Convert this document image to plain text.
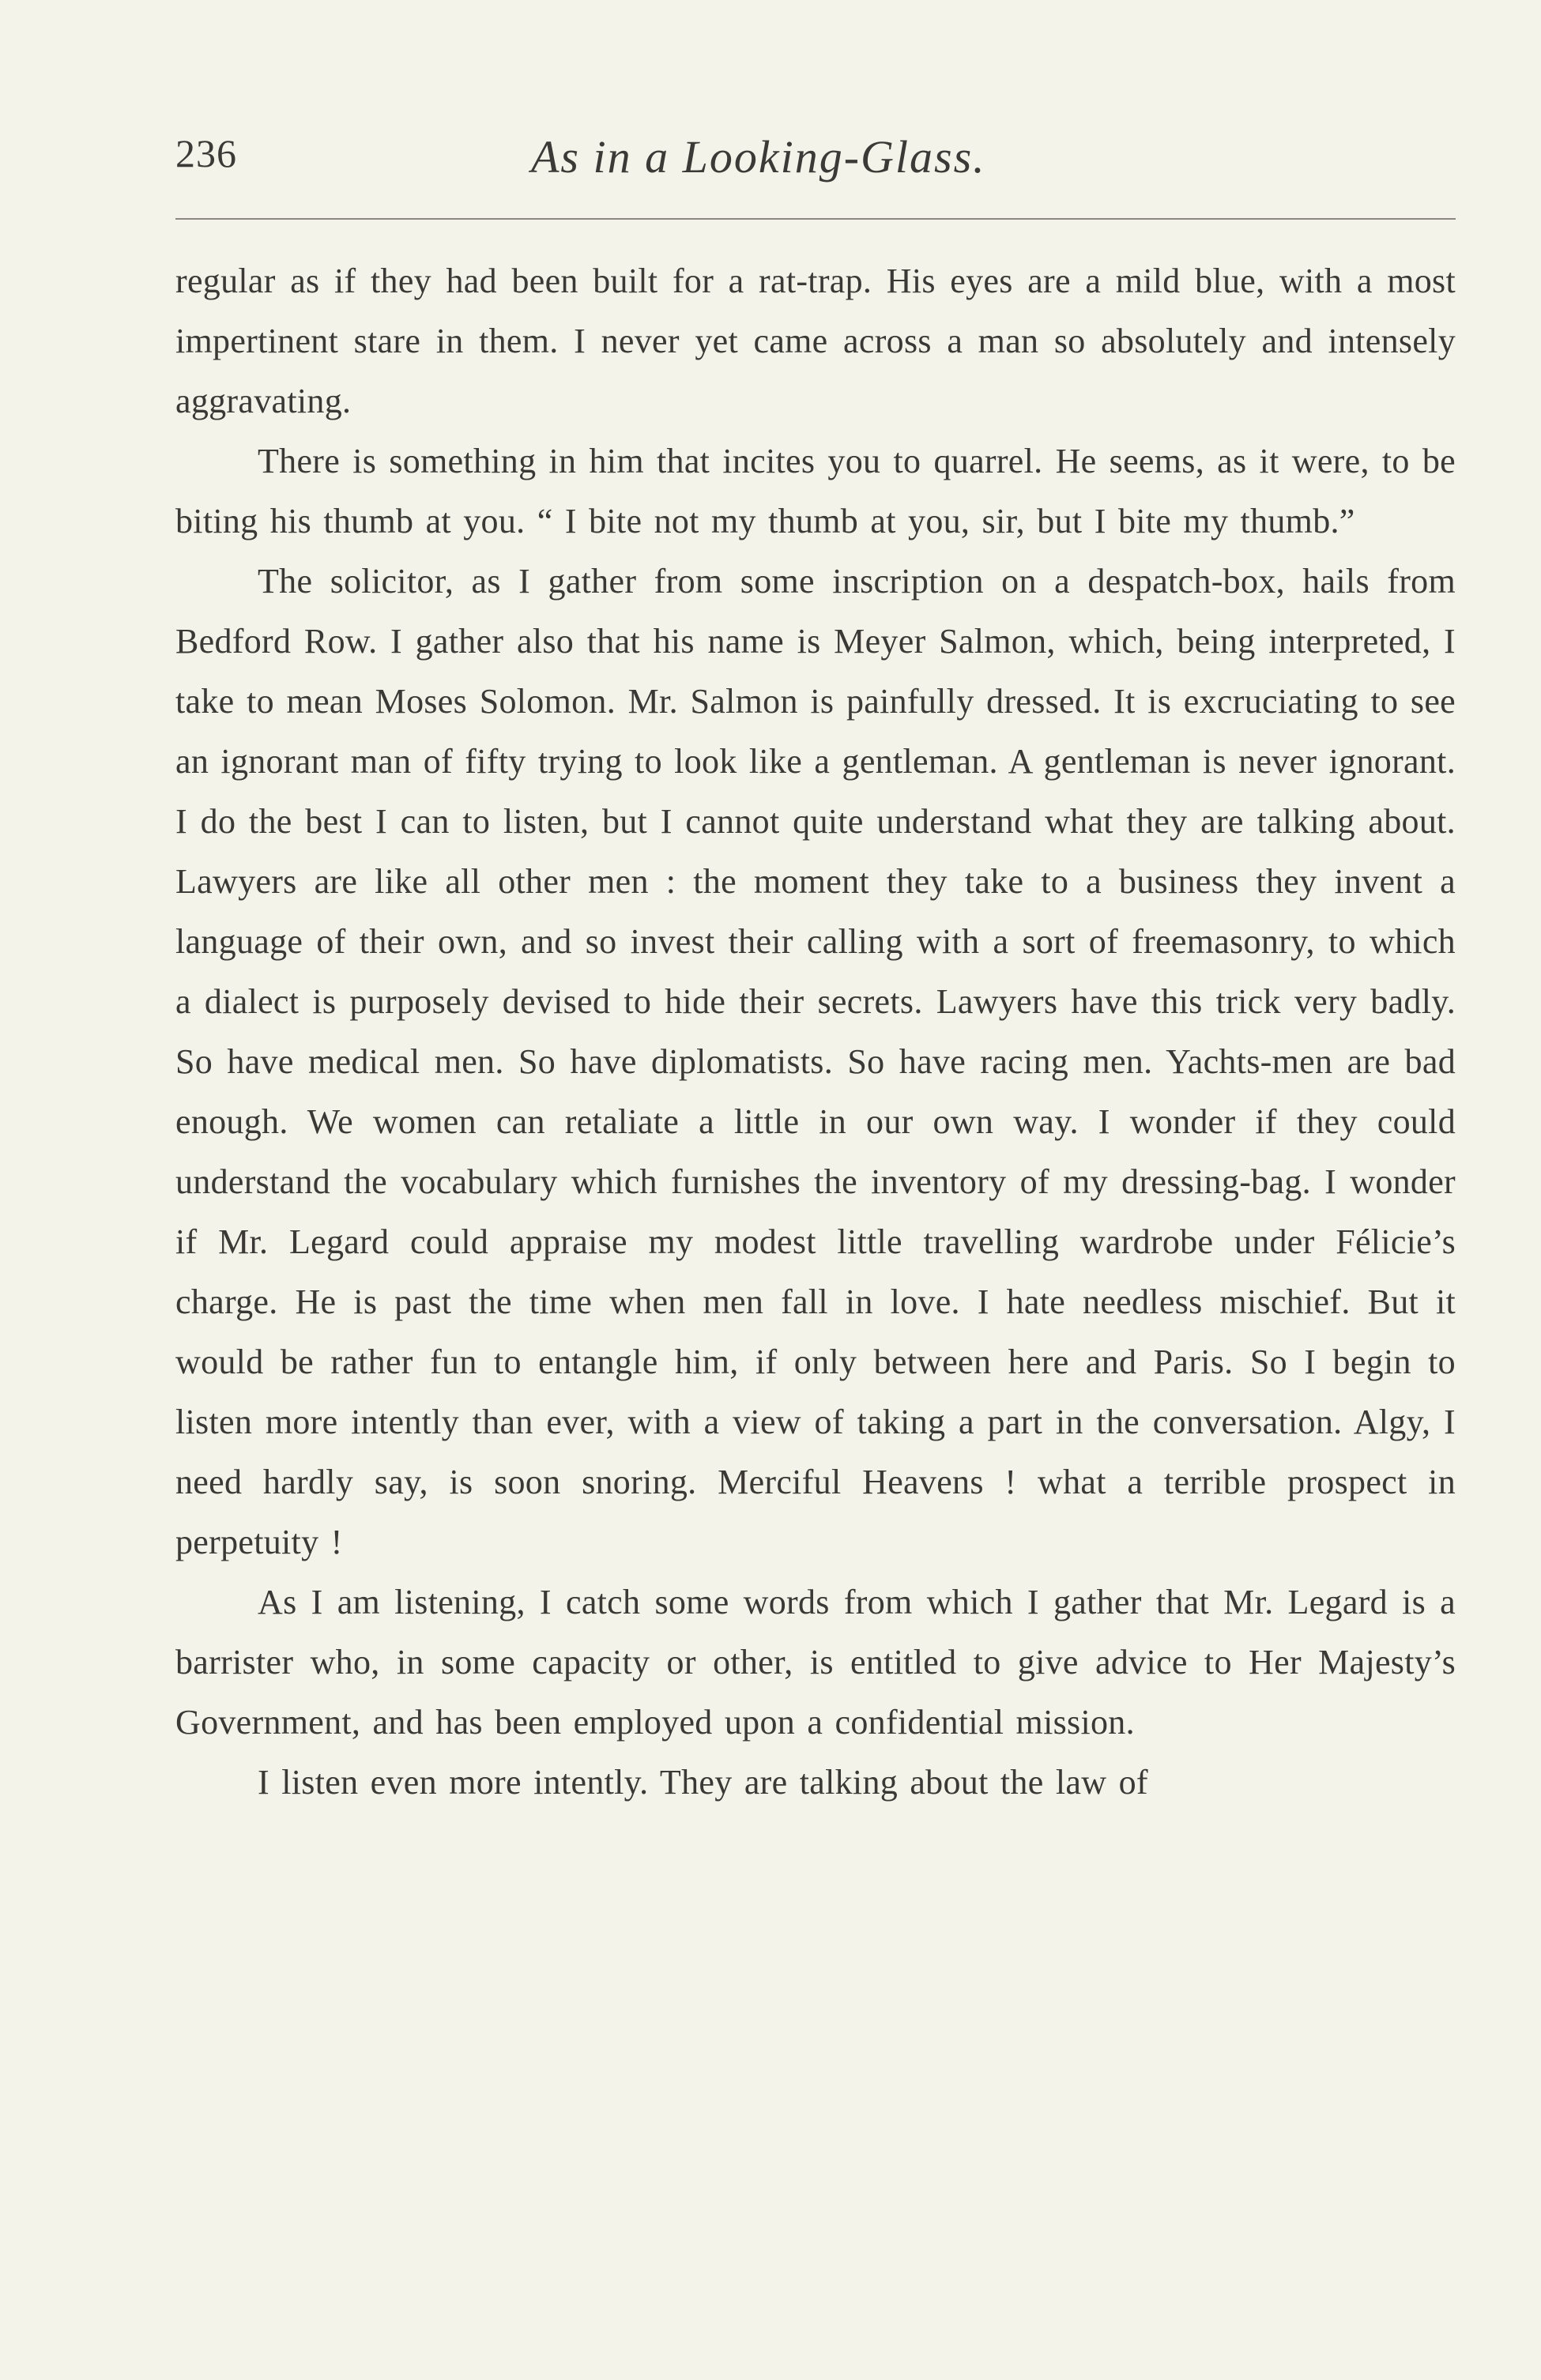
236	As in a Looking-Glass.

regular as if they had been built for a rat-trap. His eyes are a mild blue, with a most impertinent stare in them. I never yet came across a man so absolutely and intensely aggravating.

There is something in him that incites you to quarrel. He seems, as it were, to be biting his thumb at you. “ I bite not my thumb at you, sir, but I bite my thumb.”

The solicitor, as I gather from some inscription on a despatch-box, hails from Bedford Row. I gather also that his name is Meyer Salmon, which, being interpreted, I take to mean Moses Solomon. Mr. Salmon is painfully dressed. It is excruciating to see an ignorant man of fifty trying to look like a gentleman. A gentleman is never ignorant. I do the best I can to listen, but I cannot quite understand what they are talking about. Lawyers are like all other men : the moment they take to a business they invent a language of their own, and so invest their calling with a sort of freemasonry, to which a dialect is purposely devised to hide their secrets. Lawyers have this trick very badly. So have medical men. So have diplomatists. So have racing men. Yachts-men are bad enough. We women can retaliate a little in our own way. I wonder if they could understand the vocabulary which furnishes the inventory of my dressing-bag. I wonder if Mr. Legard could appraise my modest little travelling wardrobe under Félicie’s charge. He is past the time when men fall in love. I hate needless mischief. But it would be rather fun to entangle him, if only between here and Paris. So I begin to listen more intently than ever, with a view of taking a part in the conversation. Algy, I need hardly say, is soon snoring. Merciful Heavens ! what a terrible prospect in perpetuity !

As I am listening, I catch some words from which I gather that Mr. Legard is a barrister who, in some capacity or other, is entitled to give advice to Her Majesty’s Government, and has been employed upon a confidential mission.

I listen even more intently. They are talking about the law of
